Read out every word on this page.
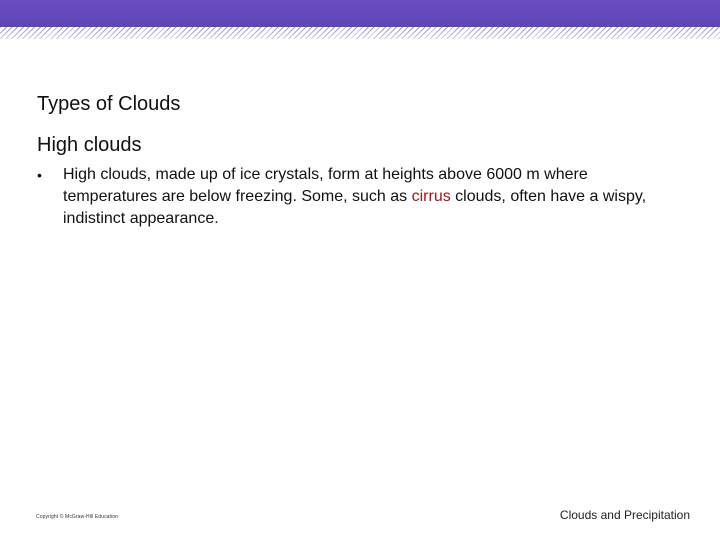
Types of Clouds
High clouds
• High clouds, made up of ice crystals, form at heights above 6000 m where temperatures are below freezing. Some, such as cirrus clouds, often have a wispy, indistinct appearance.
Copyright © McGraw-Hill Education	Clouds and Precipitation
